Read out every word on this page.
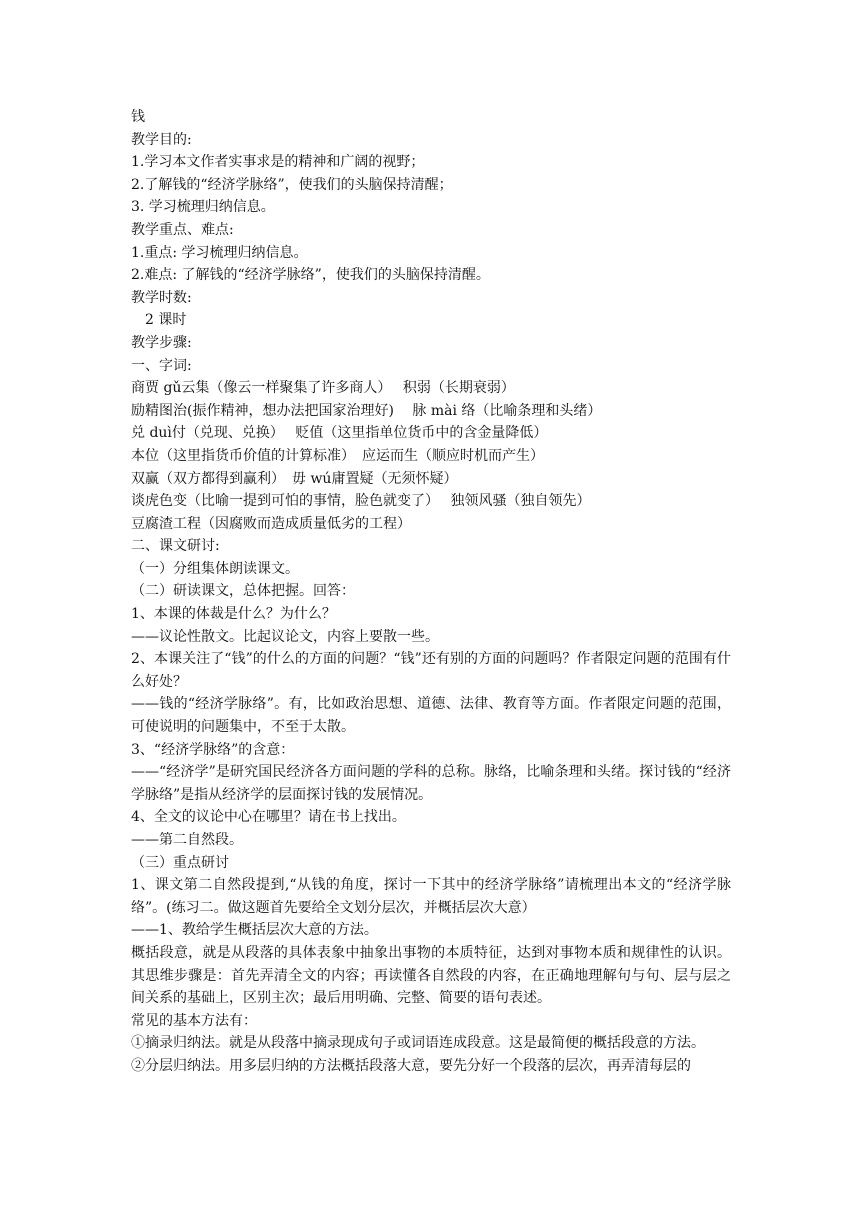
钱
教学目的:
1.学习本文作者实事求是的精神和广阔的视野；
2.了解钱的“经济学脉络”，使我们的头脑保持清醒；
3. 学习梳理归纳信息。
教学重点、难点:
1.重点: 学习梳理归纳信息。
2.难点: 了解钱的“经济学脉络”，使我们的头脑保持清醒。
教学时数:
2 课时
教学步骤:
一、字词:
商贾 gǔ云集（像云一样聚集了许多商人）　 积弱（长期衰弱）
励精图治(振作精神，想办法把国家治理好)　 脉 mài 络（比喻条理和头绪）
兑 duì付（兑现、兑换）　 贬值（这里指单位货币中的含金量降低）
本位（这里指货币价值的计算标准）　应运而生（顺应时机而产生）
双赢（双方都得到赢利）　毋 wú庸置疑（无须怀疑）
谈虎色变（比喻一提到可怕的事情，脸色就变了）　 独领风骚（独自领先）
豆腐渣工程（因腐败而造成质量低劣的工程）
二、课文研讨:
（一）分组集体朗读课文。
（二）研读课文，总体把握。回答：
1、本课的体裁是什么？为什么？
——议论性散文。比起议论文，内容上要散一些。
2、本课关注了“钱”的什么的方面的问题？“钱”还有别的方面的问题吗？作者限定问题的范围有什么好处？
——钱的“经济学脉络”。有，比如政治思想、道德、法律、教育等方面。作者限定问题的范围，可使说明的问题集中，不至于太散。
3、“经济学脉络”的含意：
——“经济学”是研究国民经济各方面问题的学科的总称。脉络，比喻条理和头绪。探讨钱的“经济学脉络”是指从经济学的层面探讨钱的发展情况。
4、全文的议论中心在哪里？请在书上找出。
——第二自然段。
（三）重点研讨
1、课文第二自然段提到,“从钱的角度，探讨一下其中的经济学脉络”请梳理出本文的“经济学脉络”。(练习二。做这题首先要给全文划分层次，并概括层次大意）
——1、教给学生概括层次大意的方法。
概括段意，就是从段落的具体表象中抽象出事物的本质特征，达到对事物本质和规律性的认识。其思维步骤是：首先弄清全文的内容；再读懂各自然段的内容，在正确地理解句与句、层与层之间关系的基础上，区别主次；最后用明确、完整、简要的语句表述。
常见的基本方法有：
①摘录归纳法。就是从段落中摘录现成句子或词语连成段意。这是最简便的概括段意的方法。
②分层归纳法。用多层归纳的方法概括段落大意，要先分好一个段落的层次，再弄清每层的
